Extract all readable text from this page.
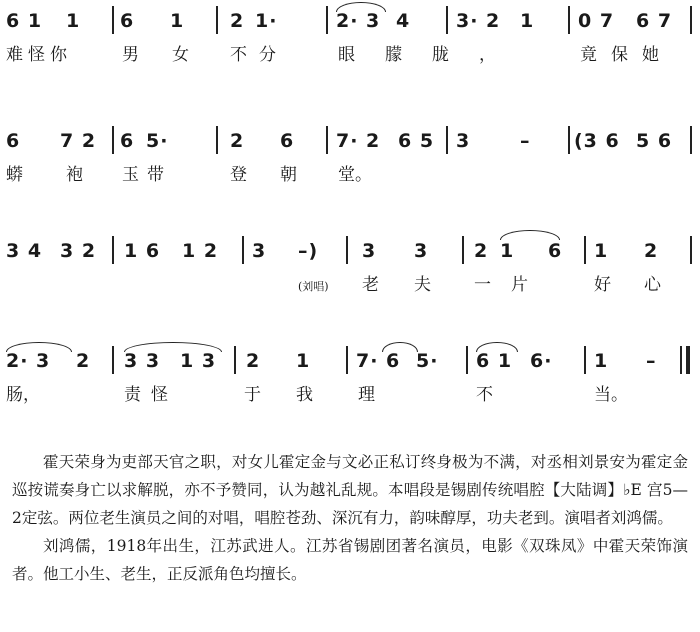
6 1 1 6 1 2 1·	2· 3 4 3· 2 1 0 7 6 7
难怪你	男 女 不分	眼朦胧，	竟保她
6 7 2 6 5·	2 6 7· 2 6 5 3	– (3 6 5 6
蟒	袍 玉带	登 朝 堂。
3 4 3 2 1 6 1 2 3 –) 3 3 2 1 6 1 2
(刘唱) 老 夫	一片	好 心
2· 3 2 3 3 1 3 2 1 7· 6 5· 6 1 6· 1 –
肠，	责怪	于 我	理	不	当。

霍天荣身为吏部天官之职，对女儿霍定金与文必正私订终身极为不满，对丞相刘景安为霍定金巡按谎奏身亡以求解脱，亦不予赞同，认为越礼乱规。本唱段是锡剧传统唱腔【大陆调】♭E 宫5—2定弦。两位老生演员之间的对唱，唱腔苍劲、深沉有力，韵味醇厚，功夫老到。演唱者刘鸿儒。

刘鸿儒，1918年出生，江苏武进人。江苏省锡剧团著名演员，电影《双珠凤》中霍天荣饰演者。他工小生、老生，正反派角色均擅长。
